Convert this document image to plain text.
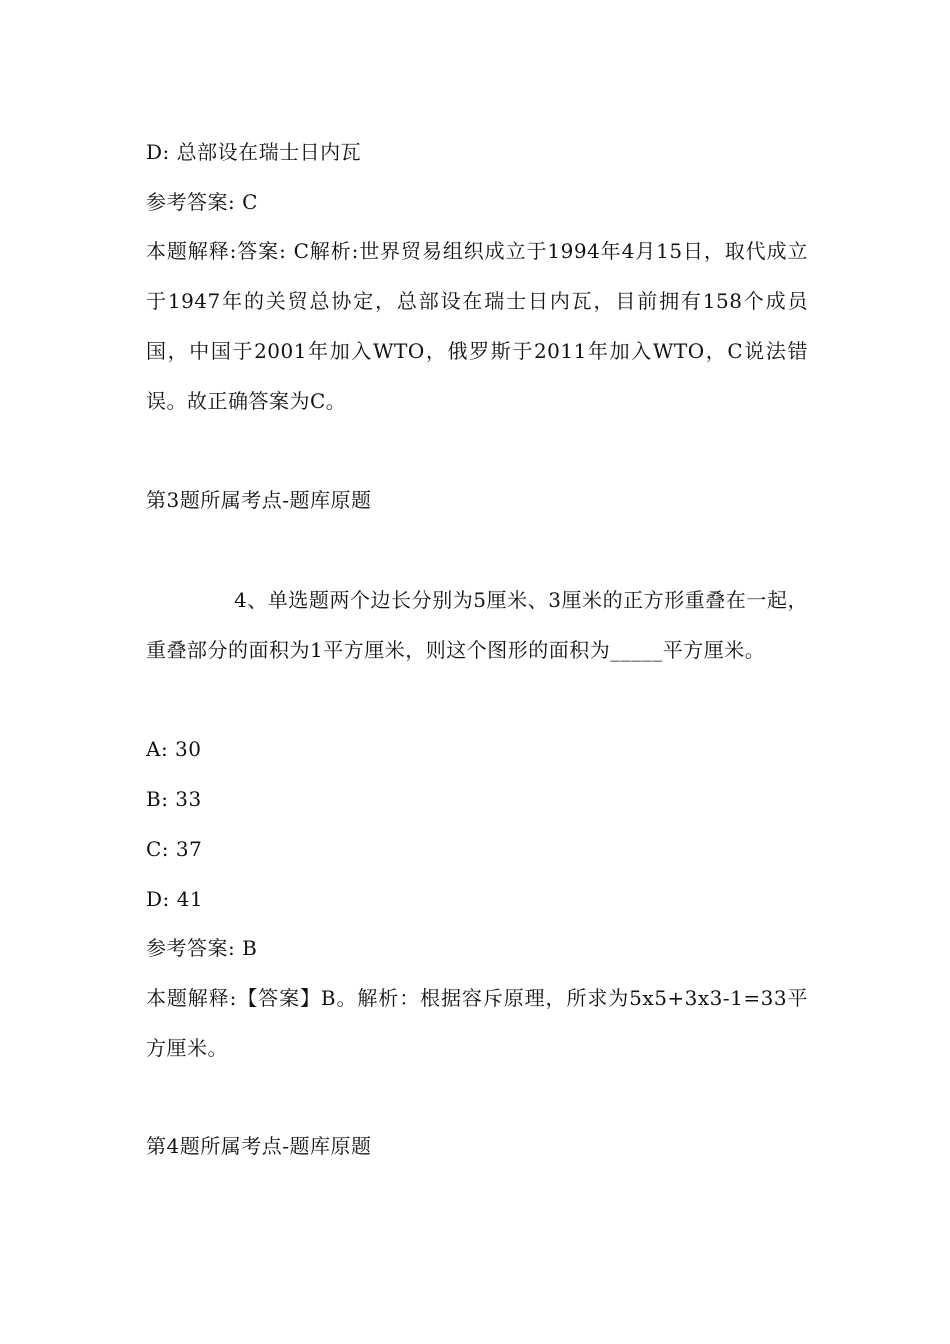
D: 总部设在瑞士日内瓦
参考答案: C
本题解释:答案: C解析:世界贸易组织成立于1994年4月15日，取代成立于1947年的关贸总协定，总部设在瑞士日内瓦，目前拥有158个成员国，中国于2001年加入WTO，俄罗斯于2011年加入WTO，C说法错误。故正确答案为C。
第3题所属考点-题库原题
4、单选题两个边长分别为5厘米、3厘米的正方形重叠在一起，重叠部分的面积为1平方厘米，则这个图形的面积为_____平方厘米。
A: 30
B: 33
C: 37
D: 41
参考答案: B
本题解释:【答案】B。解析：根据容斥原理，所求为5x5+3x3-1=33平方厘米。
第4题所属考点-题库原题
